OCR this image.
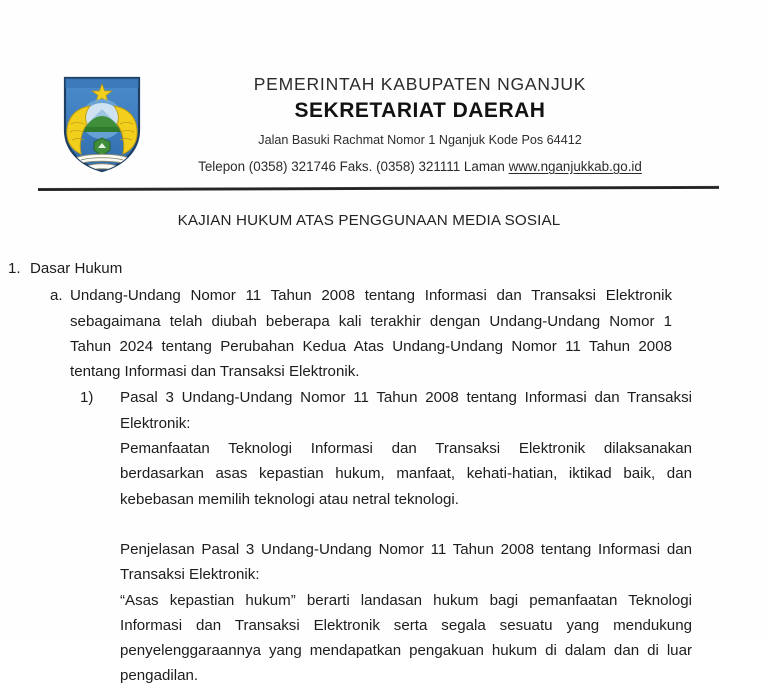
PEMERINTAH KABUPATEN NGANJUK
SEKRETARIAT DAERAH
Jalan Basuki Rachmat Nomor 1 Nganjuk Kode Pos 64412
Telepon (0358) 321746 Faks. (0358) 321111 Laman www.nganjukkab.go.id
KAJIAN HUKUM ATAS PENGGUNAAN MEDIA SOSIAL
1. Dasar Hukum
a. Undang-Undang Nomor 11 Tahun 2008 tentang Informasi dan Transaksi Elektronik sebagaimana telah diubah beberapa kali terakhir dengan Undang-Undang Nomor 1 Tahun 2024 tentang Perubahan Kedua Atas Undang-Undang Nomor 11 Tahun 2008 tentang Informasi dan Transaksi Elektronik.
1) Pasal 3 Undang-Undang Nomor 11 Tahun 2008 tentang Informasi dan Transaksi Elektronik:
Pemanfaatan Teknologi Informasi dan Transaksi Elektronik dilaksanakan berdasarkan asas kepastian hukum, manfaat, kehati-hatian, iktikad baik, dan kebebasan memilih teknologi atau netral teknologi.
Penjelasan Pasal 3 Undang-Undang Nomor 11 Tahun 2008 tentang Informasi dan Transaksi Elektronik:
“Asas kepastian hukum” berarti landasan hukum bagi pemanfaatan Teknologi Informasi dan Transaksi Elektronik serta segala sesuatu yang mendukung penyelenggaraannya yang mendapatkan pengakuan hukum di dalam dan di luar pengadilan.
